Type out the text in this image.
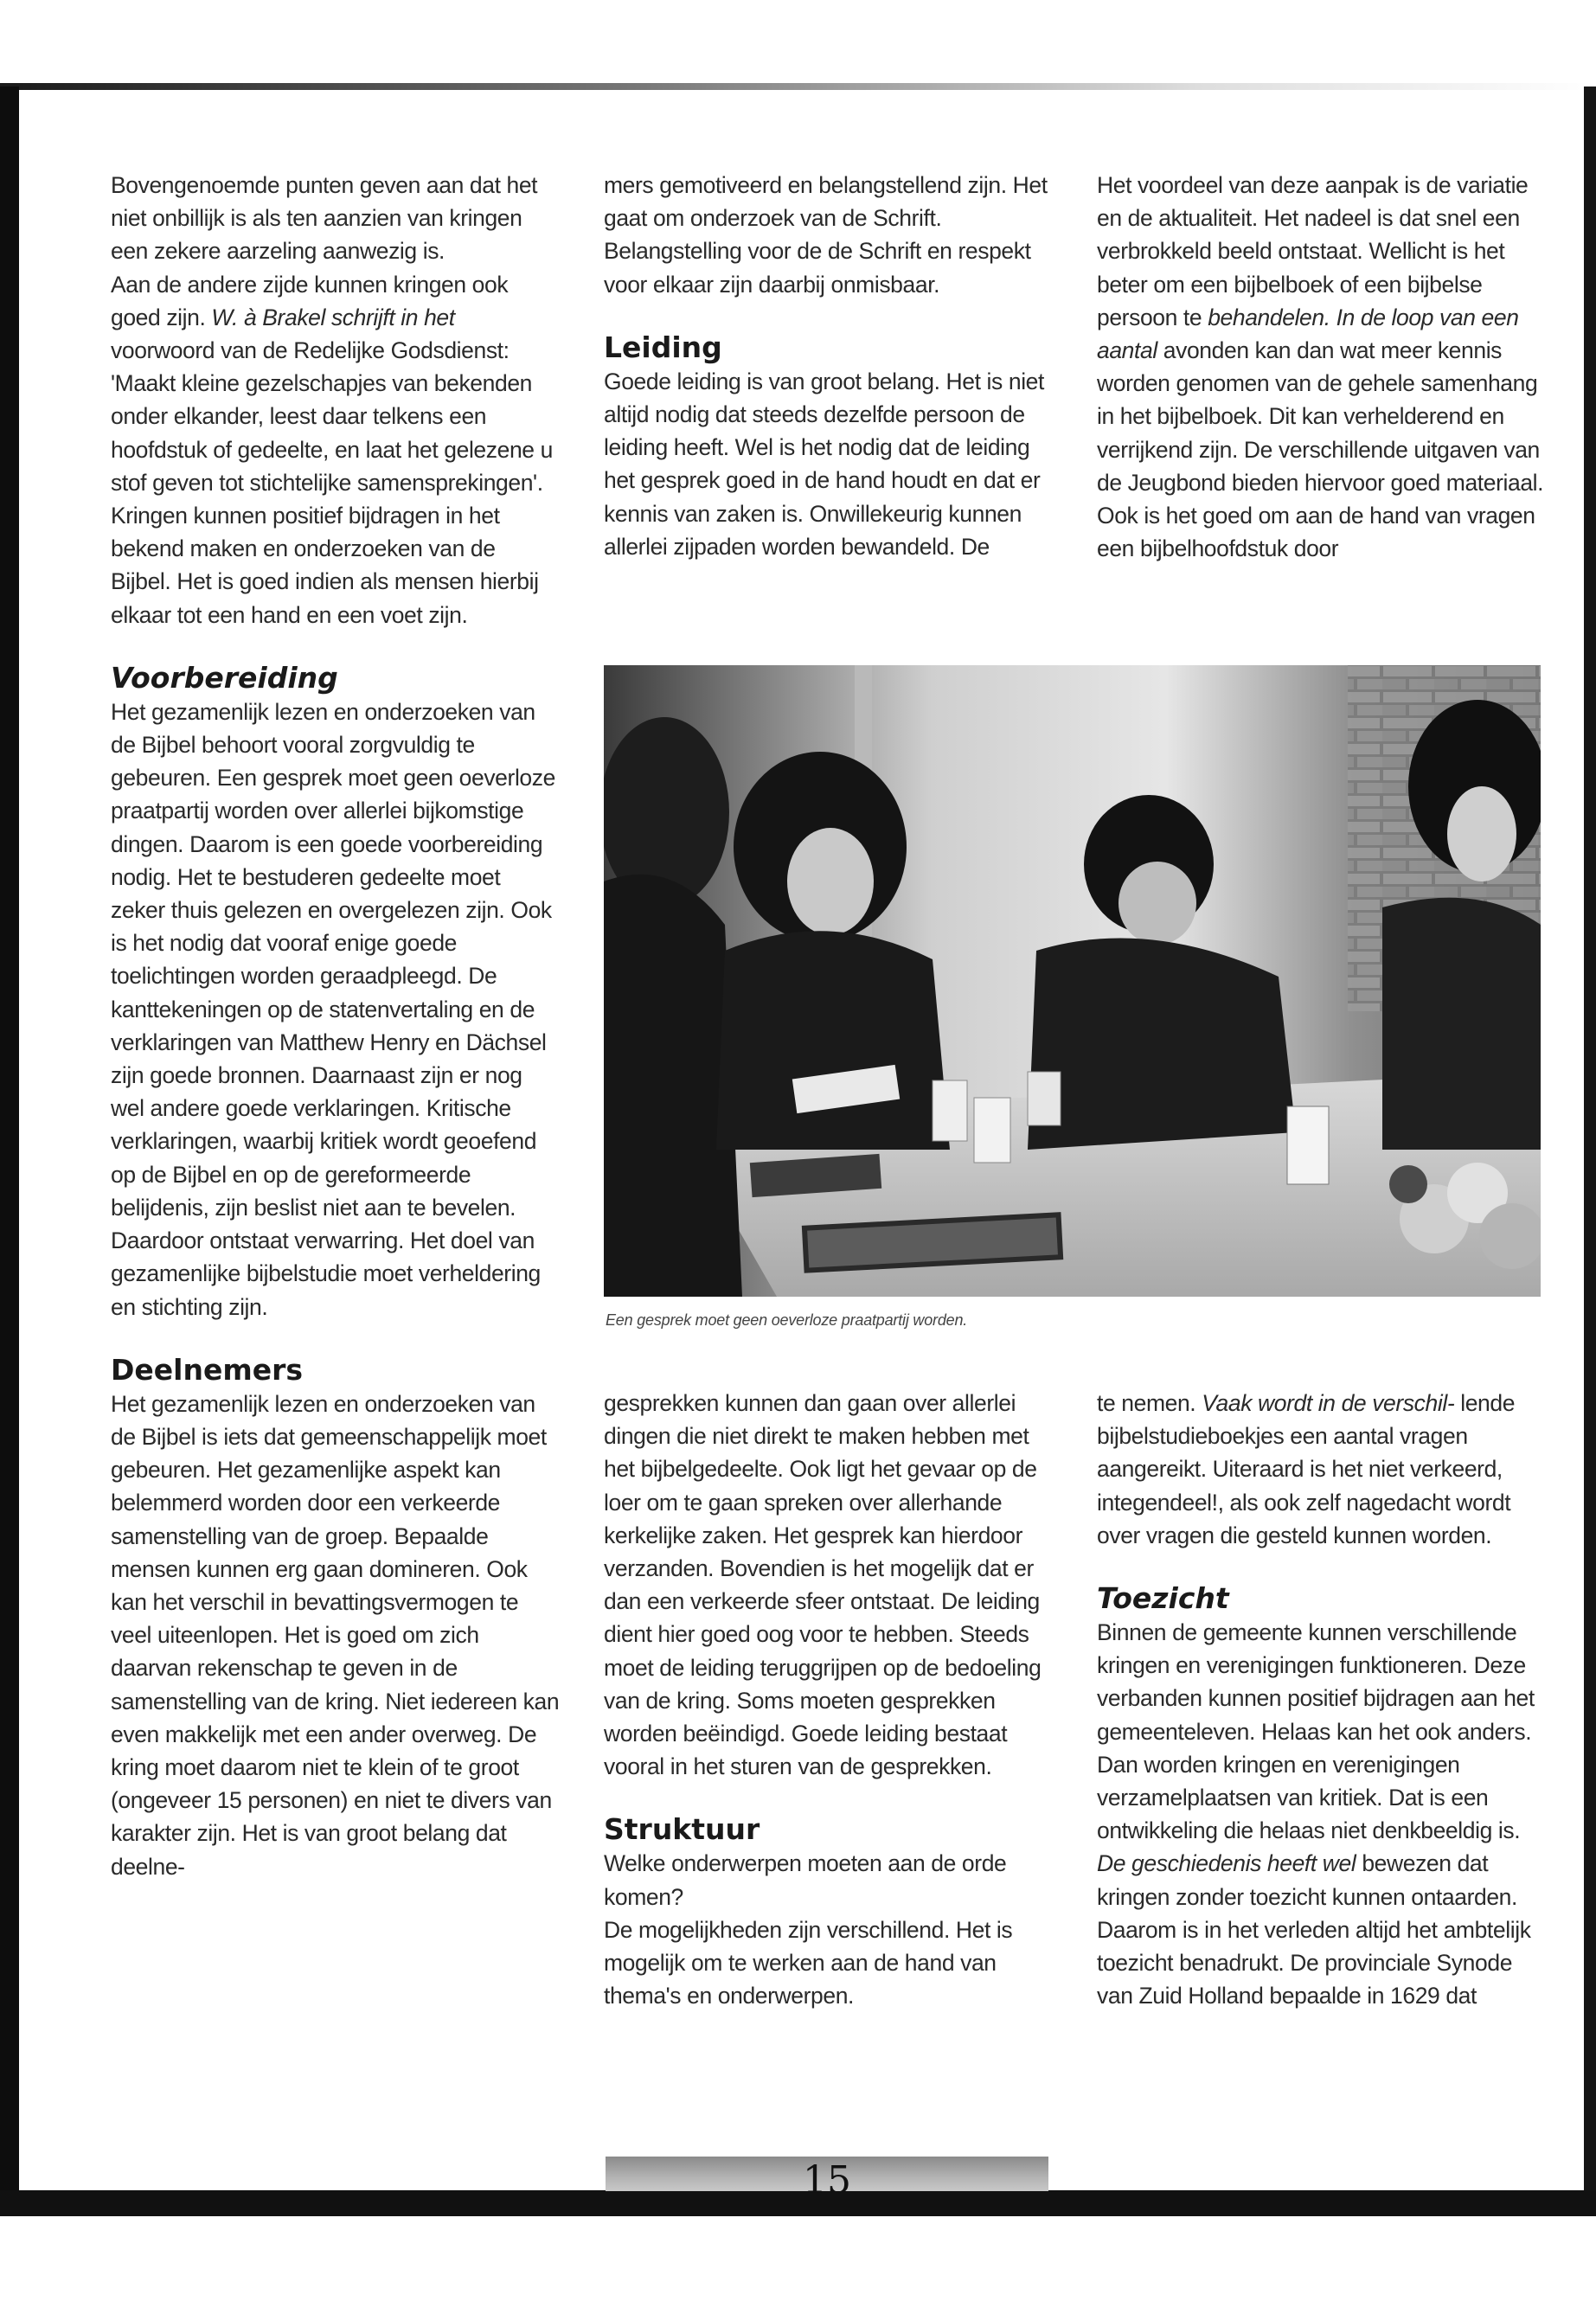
Bovengenoemde punten geven aan dat het niet onbillijk is als ten aanzien van kringen een zekere aarzeling aanwezig is.

Aan de andere zijde kunnen kringen ook goed zijn. W. à Brakel schrijft in het voorwoord van de Redelijke Godsdienst: 'Maakt kleine gezelschapjes van bekenden onder elkander, leest daar telkens een hoofdstuk of gedeelte, en laat het gelezene u stof geven tot stichtelijke samensprekingen'.

Kringen kunnen positief bijdragen in het bekend maken en onderzoeken van de Bijbel. Het is goed indien als mensen hierbij elkaar tot een hand en een voet zijn.

Voorbereiding

Het gezamenlijk lezen en onderzoeken van de Bijbel behoort vooral zorgvuldig te gebeuren. Een gesprek moet geen oeverloze praatpartij worden over allerlei bijkomstige dingen. Daarom is een goede voorbereiding nodig. Het te bestuderen gedeelte moet zeker thuis gelezen en overgelezen zijn. Ook is het nodig dat vooraf enige goede toelichtingen worden geraadpleegd. De kanttekeningen op de statenvertaling en de verklaringen van Matthew Henry en Dächsel zijn goede bronnen. Daarnaast zijn er nog wel andere goede verklaringen. Kritische verklaringen, waarbij kritiek wordt geoefend op de Bijbel en op de gereformeerde belijdenis, zijn beslist niet aan te bevelen. Daardoor ontstaat verwarring. Het doel van gezamenlijke bijbelstudie moet verheldering en stichting zijn.

Deelnemers

Het gezamenlijk lezen en onderzoeken van de Bijbel is iets dat gemeenschappelijk moet gebeuren. Het gezamenlijke aspekt kan belemmerd worden door een verkeerde samenstelling van de groep. Bepaalde mensen kunnen erg gaan domineren. Ook kan het verschil in bevattingsvermogen te veel uiteenlopen. Het is goed om zich daarvan rekenschap te geven in de samenstelling van de kring. Niet iedereen kan even makkelijk met een ander overweg. De kring moet daarom niet te klein of te groot (ongeveer 15 personen) en niet te divers van karakter zijn. Het is van groot belang dat deelne-

mers gemotiveerd en belangstellend zijn. Het gaat om onderzoek van de Schrift. Belangstelling voor de de Schrift en respekt voor elkaar zijn daarbij onmisbaar.

Leiding

Goede leiding is van groot belang. Het is niet altijd nodig dat steeds dezelfde persoon de leiding heeft. Wel is het nodig dat de leiding het gesprek goed in de hand houdt en dat er kennis van zaken is. Onwillekeurig kunnen allerlei zijpaden worden bewandeld. De

Het voordeel van deze aanpak is de variatie en de aktualiteit. Het nadeel is dat snel een verbrokkeld beeld ontstaat. Wellicht is het beter om een bijbelboek of een bijbelse persoon te behandelen. In de loop van een aantal avonden kan dan wat meer kennis worden genomen van de gehele samenhang in het bijbelboek. Dit kan verhelderend en verrijkend zijn. De verschillende uitgaven van de Jeugbond bieden hiervoor goed materiaal. Ook is het goed om aan de hand van vragen een bijbelhoofdstuk door

Een gesprek moet geen oeverloze praatpartij worden.

gesprekken kunnen dan gaan over allerlei dingen die niet direkt te maken hebben met het bijbelgedeelte. Ook ligt het gevaar op de loer om te gaan spreken over allerhande kerkelijke zaken. Het gesprek kan hierdoor verzanden. Bovendien is het mogelijk dat er dan een verkeerde sfeer ontstaat. De leiding dient hier goed oog voor te hebben. Steeds moet de leiding teruggrijpen op de bedoeling van de kring. Soms moeten gesprekken worden beëindigd. Goede leiding bestaat vooral in het sturen van de gesprekken.

Struktuur

Welke onderwerpen moeten aan de orde komen?

De mogelijkheden zijn verschillend. Het is mogelijk om te werken aan de hand van thema's en onderwerpen.

te nemen. Vaak wordt in de verschil- lende bijbelstudieboekjes een aantal vragen aangereikt. Uiteraard is het niet verkeerd, integendeel!, als ook zelf nagedacht wordt over vragen die gesteld kunnen worden.

Toezicht

Binnen de gemeente kunnen verschillende kringen en verenigingen funktioneren. Deze verbanden kunnen positief bijdragen aan het gemeenteleven. Helaas kan het ook anders. Dan worden kringen en verenigingen verzamelplaatsen van kritiek. Dat is een ontwikkeling die helaas niet denkbeeldig is. De geschiedenis heeft wel bewezen dat kringen zonder toezicht kunnen ontaarden. Daarom is in het verleden altijd het ambtelijk toezicht benadrukt. De provinciale Synode van Zuid Holland bepaalde in 1629 dat

15
